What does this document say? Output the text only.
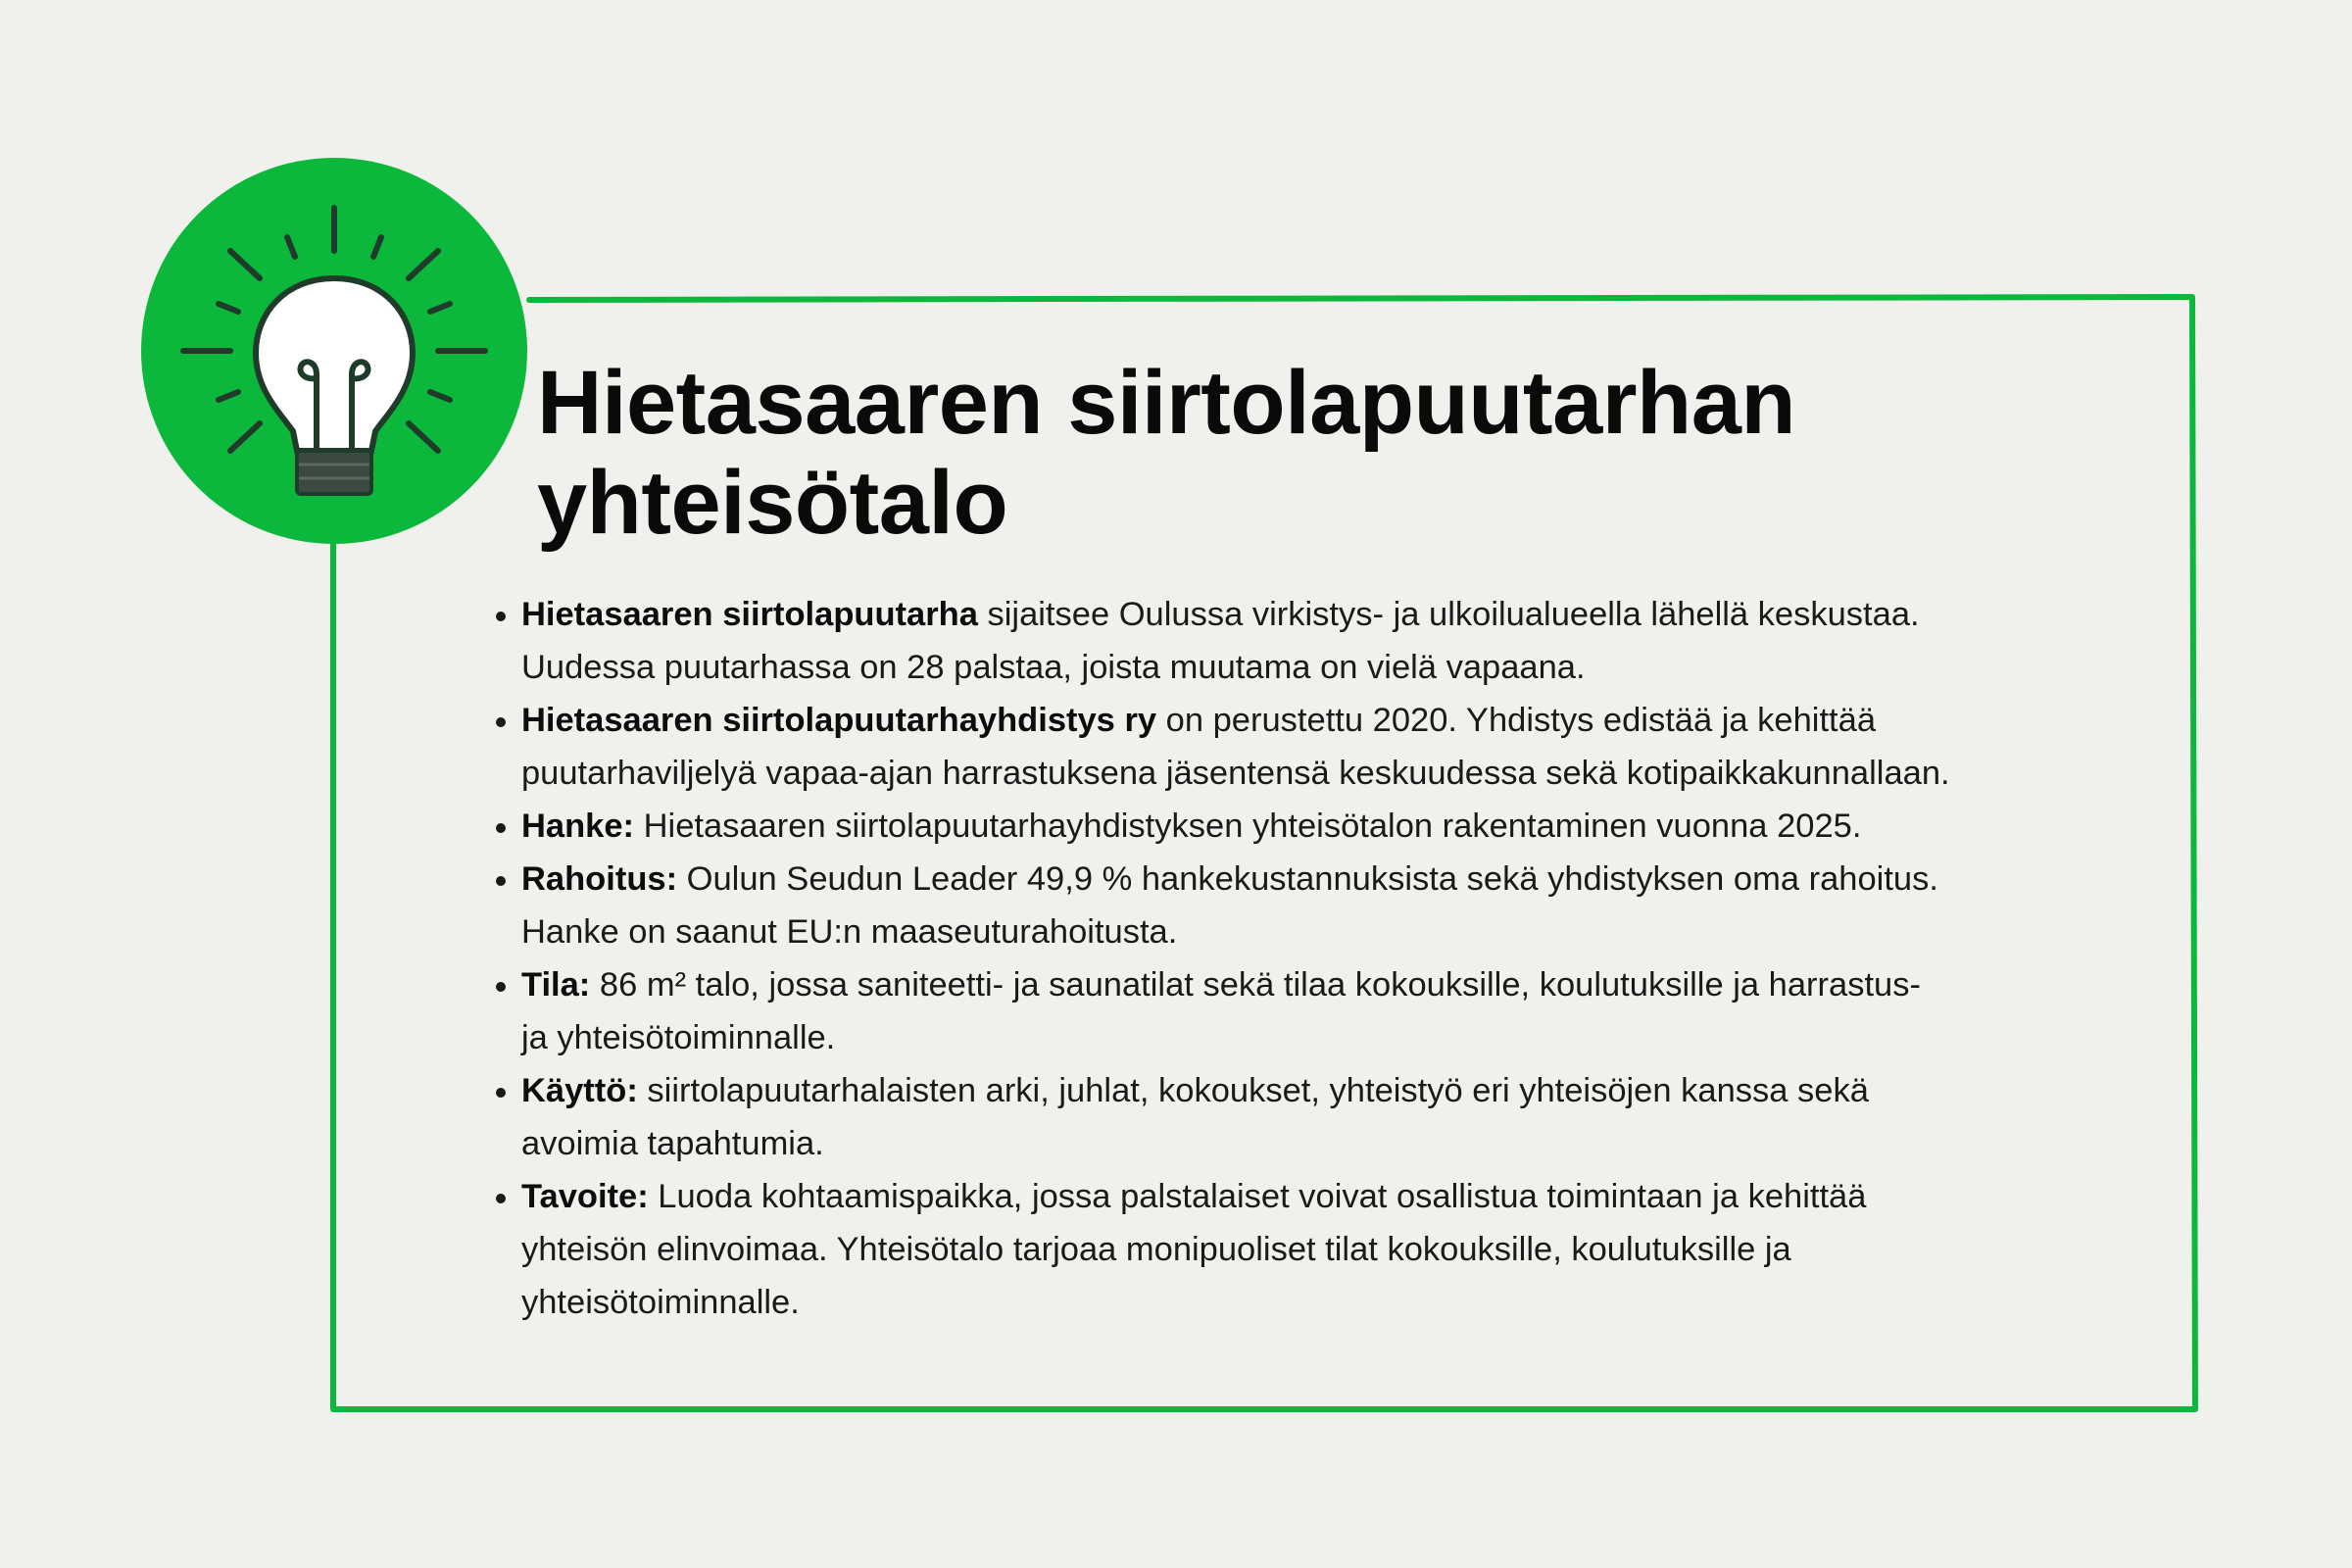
Hietasaaren siirtolapuutarhan
yhteisötalo
Hietasaaren siirtolapuutarha sijaitsee Oulussa virkistys- ja ulkoilualueella lähellä keskustaa.
Uudessa puutarhassa on 28 palstaa, joista muutama on vielä vapaana.
Hietasaaren siirtolapuutarhayhdistys ry on perustettu 2020. Yhdistys edistää ja kehittää
puutarhaviljelyä vapaa-ajan harrastuksena jäsentensä keskuudessa sekä kotipaikkakunnallaan.
Hanke: Hietasaaren siirtolapuutarhayhdistyksen yhteisötalon rakentaminen vuonna 2025.
Rahoitus: Oulun Seudun Leader 49,9 % hankekustannuksista sekä yhdistyksen oma rahoitus.
Hanke on saanut EU:n maaseuturahoitusta.
Tila: 86 m² talo, jossa saniteetti- ja saunatilat sekä tilaa kokouksille, koulutuksille ja harrastus-
ja yhteisötoiminnalle.
Käyttö: siirtolapuutarhalaisten arki, juhlat, kokoukset, yhteistyö eri yhteisöjen kanssa sekä
avoimia tapahtumia.
Tavoite: Luoda kohtaamispaikka, jossa palstalaiset voivat osallistua toimintaan ja kehittää
yhteisön elinvoimaa. Yhteisötalo tarjoaa monipuoliset tilat kokouksille, koulutuksille ja
yhteisötoiminnalle.
